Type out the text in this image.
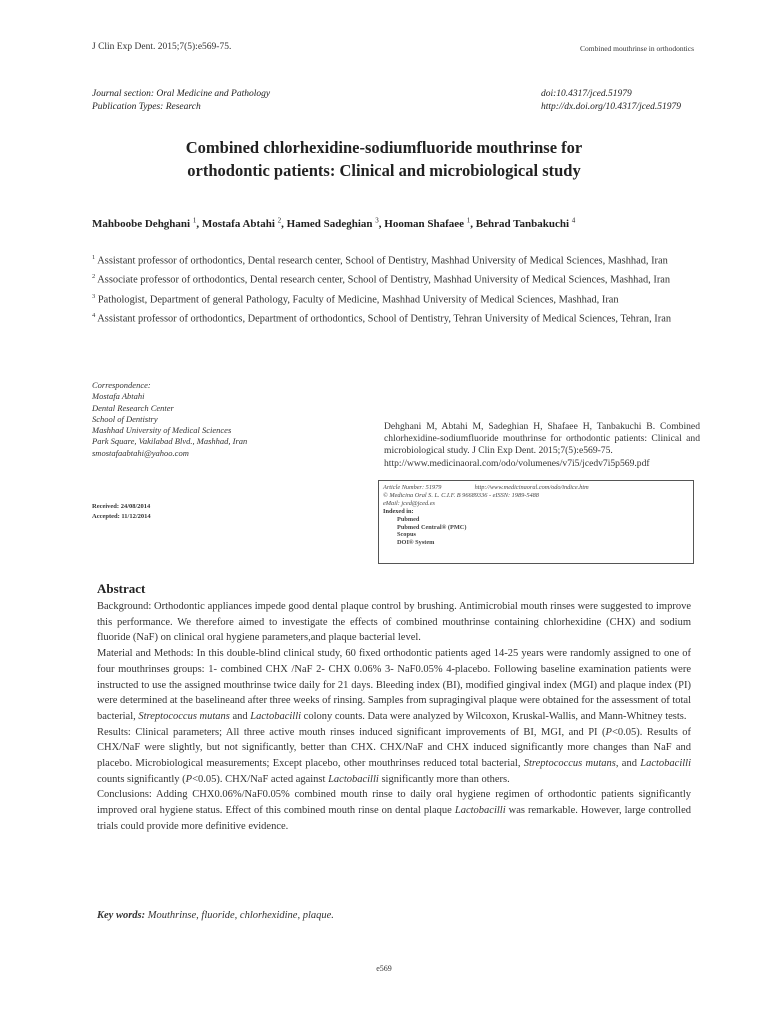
J Clin Exp Dent. 2015;7(5):e569-75.	Combined mouthrinse in orthodontics
Journal section: Oral Medicine and Pathology
Publication Types: Research
doi:10.4317/jced.51979
http://dx.doi.org/10.4317/jced.51979
Combined chlorhexidine-sodiumfluoride mouthrinse for
orthodontic patients: Clinical and microbiological study
Mahboobe Dehghani $^1$, Mostafa Abtahi $^2$, Hamed Sadeghian $^3$, Hooman Shafaee $^1$, Behrad Tanbakuchi $^4$
$^1$ Assistant professor of orthodontics, Dental research center, School of Dentistry, Mashhad University of Medical Sciences, Mashhad, Iran
$^2$ Associate professor of orthodontics, Dental research center, School of Dentistry, Mashhad University of Medical Sciences, Mashhad, Iran
$^3$ Pathologist, Department of general Pathology, Faculty of Medicine, Mashhad University of Medical Sciences, Mashhad, Iran
$^4$ Assistant professor of orthodontics, Department of orthodontics, School of Dentistry, Tehran University of Medical Sciences, Tehran, Iran
Correspondence:
Mostafa Abtahi
Dental Research Center
School of Dentistry
Mashhad University of Medical Sciences
Park Square, Vakilabad Blvd., Mashhad, Iran
smostafaabtahi@yahoo.com
Received: 24/08/2014
Accepted: 11/12/2014
Dehghani M, Abtahi M, Sadeghian H, Shafaee H, Tanbakuchi B. Combined chlorhexidine-sodiumfluoride mouthrinse for orthodontic patients: Clinical and microbiological study. J Clin Exp Dent. 2015;7(5):e569-75.
http://www.medicinaoral.com/odo/volumenes/v7i5/jcedv7i5p569.pdf
Article Number: 51979	http://www.medicinaoral.com/odo/indice.htm
© Medicina Oral S. L. C.I.F. B 96689336 - eISSN: 1989-5488
eMail: jced@jced.es
Indexed in:
Pubmed
Pubmed Central® (PMC)
Scopus
DOI® System
Abstract

Background: Orthodontic appliances impede good dental plaque control by brushing. Antimicrobial mouth rinses were suggested to improve this performance. We therefore aimed to investigate the effects of combined mouthrinse containing chlorhexidine (CHX) and sodium fluoride (NaF) on clinical oral hygiene parameters,and plaque bacterial level.

Material and Methods: In this double-blind clinical study, 60 fixed orthodontic patients aged 14-25 years were randomly assigned to one of four mouthrinses groups: 1- combined CHX /NaF 2- CHX 0.06% 3- NaF0.05% 4-placebo. Following baseline examination patients were instructed to use the assigned mouthrinse twice daily for 21 days. Bleeding index (BI), modified gingival index (MGI) and plaque index (PI) were determined at the baselineand after three weeks of rinsing. Samples from supragingival plaque were obtained for the assessment of total bacterial, Streptococcus mutans and Lactobacilli colony counts. Data were analyzed by Wilcoxon, Kruskal-Wallis, and Mann-Whitney tests.

Results: Clinical parameters; All three active mouth rinses induced significant improvements of BI, MGI, and PI (P<0.05). Results of CHX/NaF were slightly, but not significantly, better than CHX. CHX/NaF and CHX induced significantly more changes than NaF and placebo. Microbiological measurements; Except placebo, other mouthrinses reduced total bacterial, Streptococcus mutans, and Lactobacilli counts significantly (P<0.05). CHX/NaF acted against Lactobacilli significantly more than others.

Conclusions: Adding CHX0.06%/NaF0.05% combined mouth rinse to daily oral hygiene regimen of orthodontic patients significantly improved oral hygiene status. Effect of this combined mouth rinse on dental plaque Lactobacilli was remarkable. However, large controlled trials could provide more definitive evidence.

Key words: Mouthrinse, fluoride, chlorhexidine, plaque.
e569
